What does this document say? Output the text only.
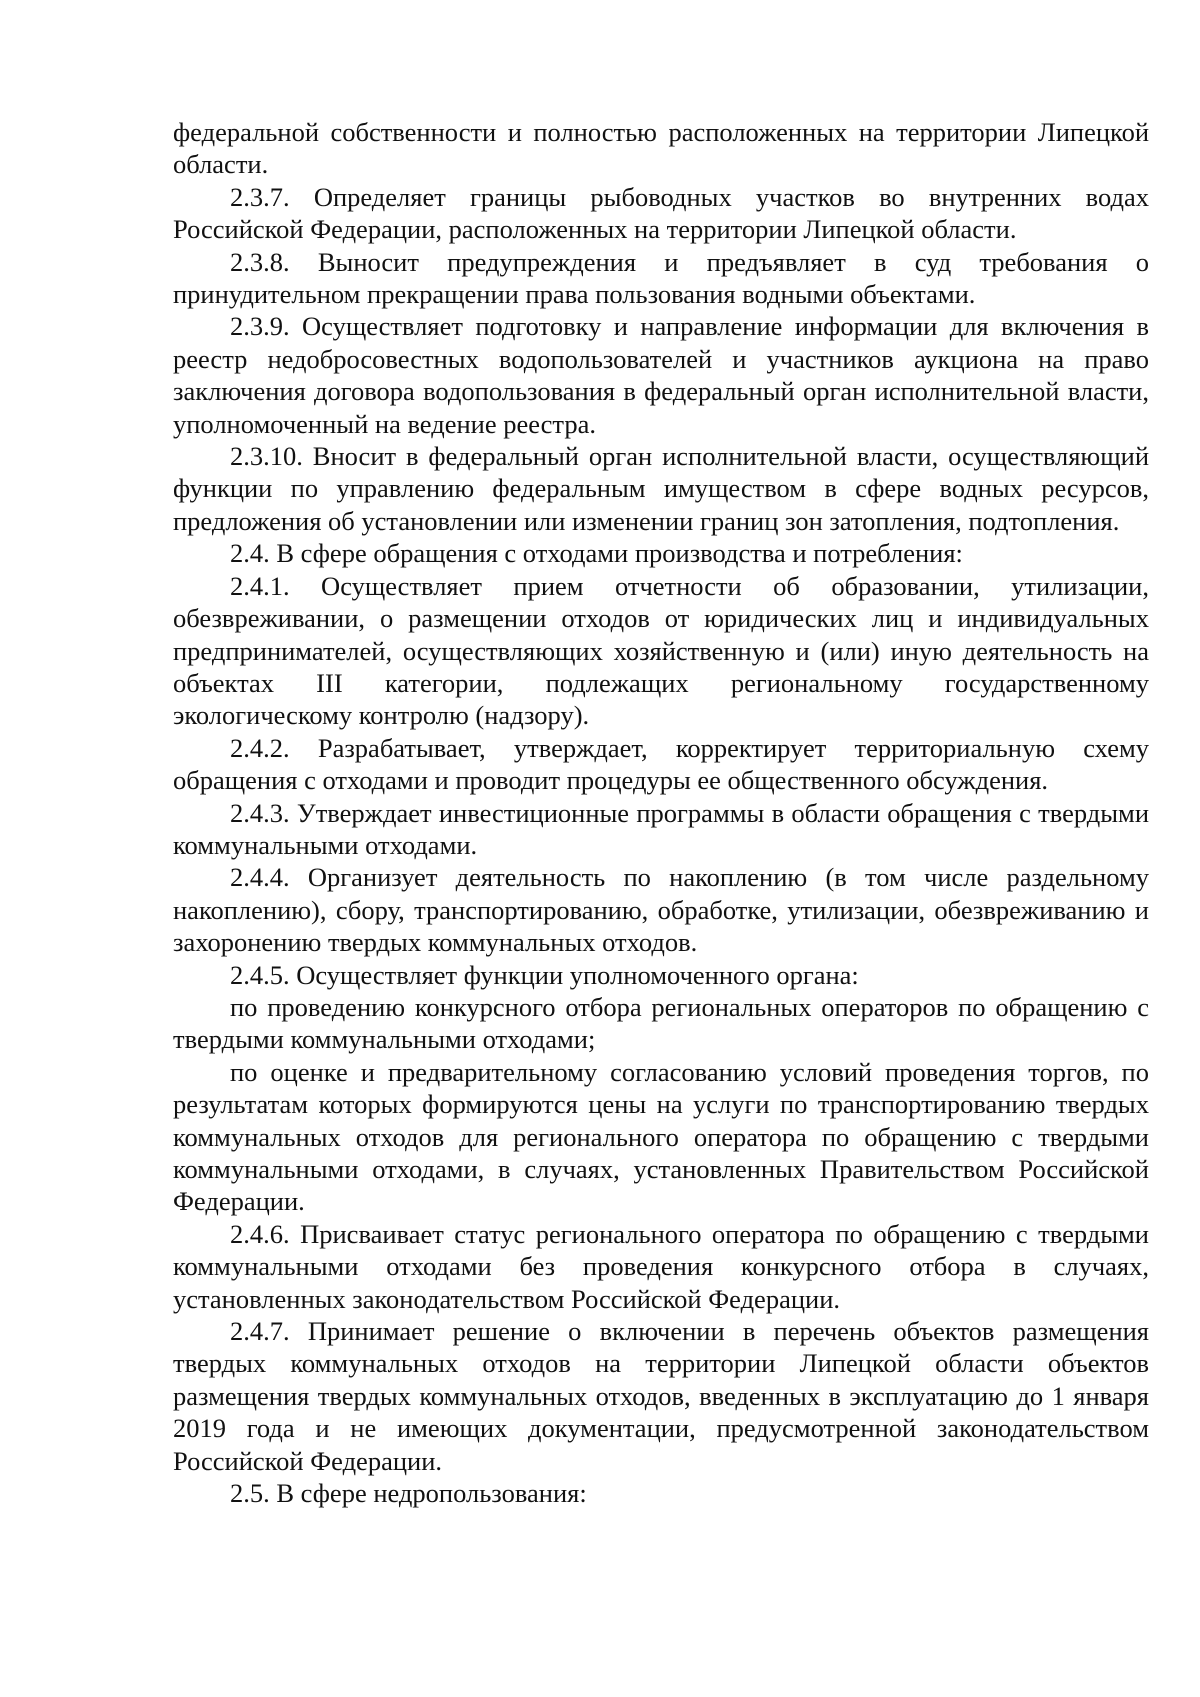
федеральной собственности и полностью расположенных на территории Липецкой области.

2.3.7. Определяет границы рыбоводных участков во внутренних водах Российской Федерации, расположенных на территории Липецкой области.

2.3.8. Выносит предупреждения и предъявляет в суд требования о принудительном прекращении права пользования водными объектами.

2.3.9. Осуществляет подготовку и направление информации для включения в реестр недобросовестных водопользователей и участников аукциона на право заключения договора водопользования в федеральный орган исполнительной власти, уполномоченный на ведение реестра.

2.3.10. Вносит в федеральный орган исполнительной власти, осуществляющий функции по управлению федеральным имуществом в сфере водных ресурсов, предложения об установлении или изменении границ зон затопления, подтопления.

2.4. В сфере обращения с отходами производства и потребления:

2.4.1. Осуществляет прием отчетности об образовании, утилизации, обезвреживании, о размещении отходов от юридических лиц и индивидуальных предпринимателей, осуществляющих хозяйственную и (или) иную деятельность на объектах III категории, подлежащих региональному государственному экологическому контролю (надзору).

2.4.2. Разрабатывает, утверждает, корректирует территориальную схему обращения с отходами и проводит процедуры ее общественного обсуждения.

2.4.3. Утверждает инвестиционные программы в области обращения с твердыми коммунальными отходами.

2.4.4. Организует деятельность по накоплению (в том числе раздельному накоплению), сбору, транспортированию, обработке, утилизации, обезвреживанию и захоронению твердых коммунальных отходов.

2.4.5. Осуществляет функции уполномоченного органа:

по проведению конкурсного отбора региональных операторов по обращению с твердыми коммунальными отходами;

по оценке и предварительному согласованию условий проведения торгов, по результатам которых формируются цены на услуги по транспортированию твердых коммунальных отходов для регионального оператора по обращению с твердыми коммунальными отходами, в случаях, установленных Правительством Российской Федерации.

2.4.6. Присваивает статус регионального оператора по обращению с твердыми коммунальными отходами без проведения конкурсного отбора в случаях, установленных законодательством Российской Федерации.

2.4.7. Принимает решение о включении в перечень объектов размещения твердых коммунальных отходов на территории Липецкой области объектов размещения твердых коммунальных отходов, введенных в эксплуатацию до 1 января 2019 года и не имеющих документации, предусмотренной законодательством Российской Федерации.

2.5. В сфере недропользования:
